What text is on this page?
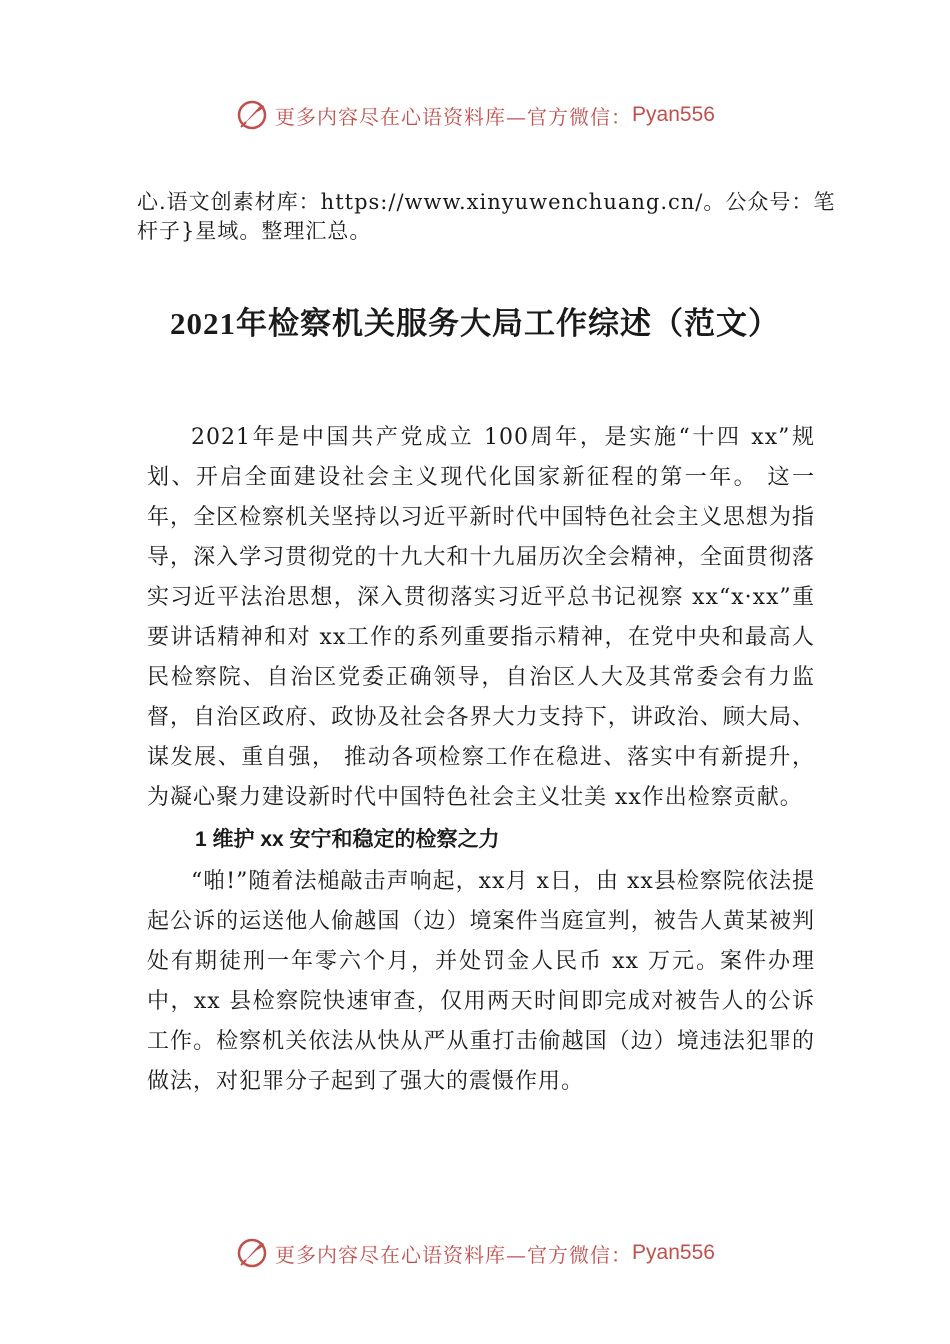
更多内容尽在心语资料库—官方微信： Pyan556
心.语文创素材库：https://www.xinyuwenchuang.cn/。公众号：笔杆子}星域。整理汇总。
2021年检察机关服务大局工作综述（范文）

2021年是中国共产党成立 100周年，是实施“十四 xx”规划、开启全面建设社会主义现代化国家新征程的第一年。 这一年，全区检察机关坚持以习近平新时代中国特色社会主义思想为指导，深入学习贯彻党的十九大和十九届历次全会精神，全面贯彻落实习近平法治思想，深入贯彻落实习近平总书记视察 xx“x·xx”重要讲话精神和对 xx工作的系列重要指示精神，在党中央和最高人民检察院、自治区党委正确领导，自治区人大及其常委会有力监督，自治区政府、政协及社会各界大力支持下，讲政治、顾大局、谋发展、重自强， 推动各项检察工作在稳进、落实中有新提升，为凝心聚力建设新时代中国特色社会主义壮美 xx作出检察贡献。

1 维护 xx 安宁和稳定的检察之力

“啪!”随着法槌敲击声响起，xx月 x日，由 xx县检察院依法提起公诉的运送他人偷越国（边）境案件当庭宣判，被告人黄某被判处有期徒刑一年零六个月，并处罚金人民币 xx 万元。案件办理中，xx 县检察院快速审查，仅用两天时间即完成对被告人的公诉工作。检察机关依法从快从严从重打击偷越国（边）境违法犯罪的做法，对犯罪分子起到了强大的震慑作用。

更多内容尽在心语资料库—官方微信： Pyan556
